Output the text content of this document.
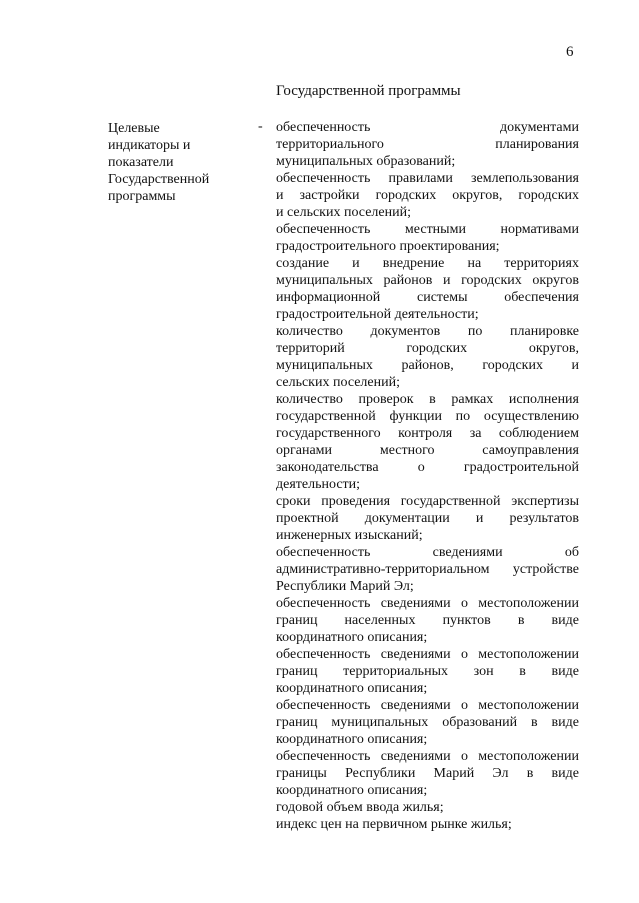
6
Государственной программы
Целевые
индикаторы и
показатели
Государственной
программы
- обеспеченность документами
территориального планирования
муниципальных образований;
обеспеченность правилами землепользования
и застройки городских округов, городских
и сельских поселений;
обеспеченность местными нормативами
градостроительного проектирования;
создание и внедрение на территориях
муниципальных районов и городских округов
информационной системы обеспечения
градостроительной деятельности;
количество документов по планировке
территорий городских округов,
муниципальных районов, городских и
сельских поселений;
количество проверок в рамках исполнения
государственной функции по осуществлению
государственного контроля за соблюдением
органами местного самоуправления
законодательства о градостроительной
деятельности;
сроки проведения государственной экспертизы
проектной документации и результатов
инженерных изысканий;
обеспеченность сведениями об
административно-территориальном устройстве
Республики Марий Эл;
обеспеченность сведениями о местоположении
границ населенных пунктов в виде
координатного описания;
обеспеченность сведениями о местоположении
границ территориальных зон в виде
координатного описания;
обеспеченность сведениями о местоположении
границ муниципальных образований в виде
координатного описания;
обеспеченность сведениями о местоположении
границы Республики Марий Эл в виде
координатного описания;
годовой объем ввода жилья;
индекс цен на первичном рынке жилья;
